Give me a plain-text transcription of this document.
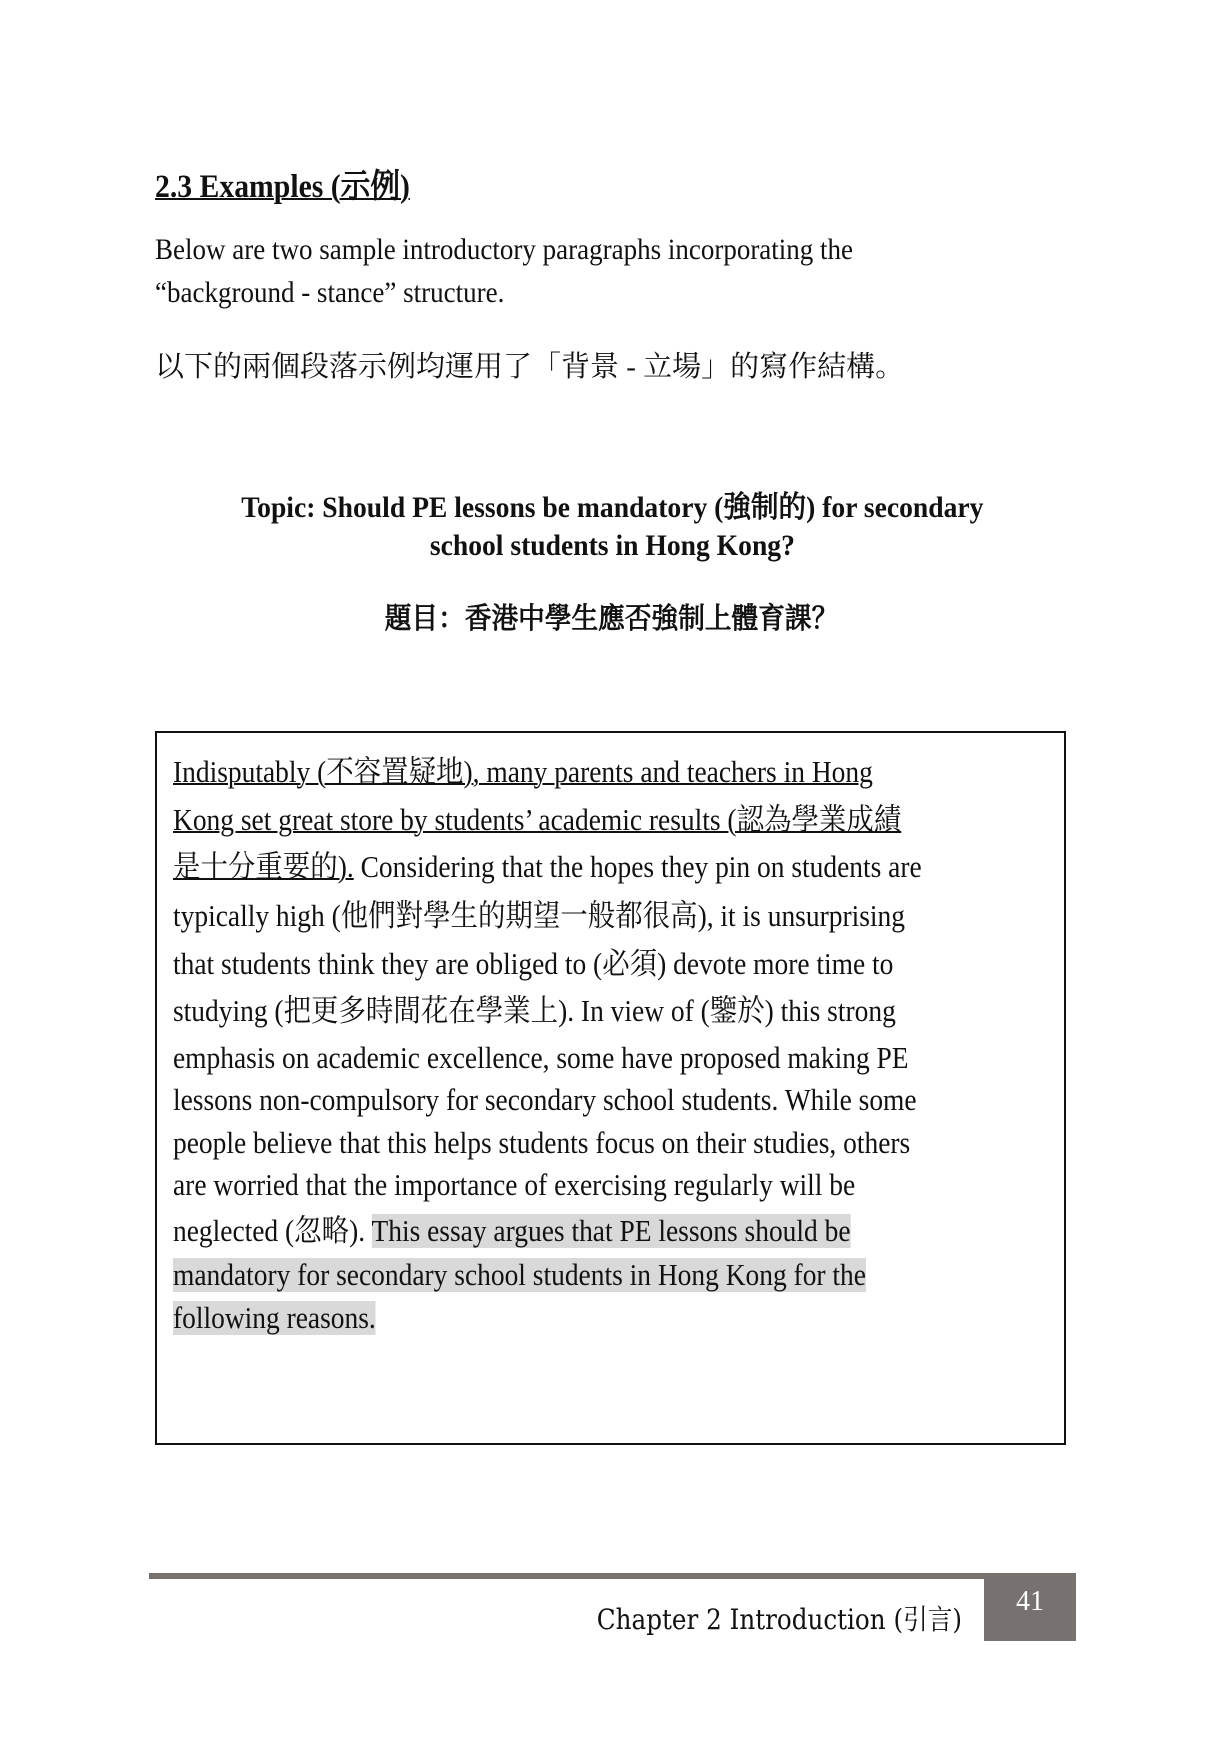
2.3 Examples (示例)
Below are two sample introductory paragraphs incorporating the
“background - stance” structure.
以下的兩個段落示例均運用了「背景 - 立場」的寫作結構。
Topic: Should PE lessons be mandatory (強制的) for secondary
school students in Hong Kong?
題目：香港中學生應否強制上體育課？
Indisputably (不容置疑地), many parents and teachers in Hong
Kong set great store by students’ academic results (認為學業成績
是十分重要的). Considering that the hopes they pin on students are
typically high (他們對學生的期望一般都很高), it is unsurprising
that students think they are obliged to (必須) devote more time to
studying (把更多時間花在學業上). In view of (鑒於) this strong
emphasis on academic excellence, some have proposed making PE
lessons non-compulsory for secondary school students. While some
people believe that this helps students focus on their studies, others
are worried that the importance of exercising regularly will be
neglected (忽略). This essay argues that PE lessons should be
mandatory for secondary school students in Hong Kong for the
following reasons.
41
Chapter 2 Introduction (引言)
